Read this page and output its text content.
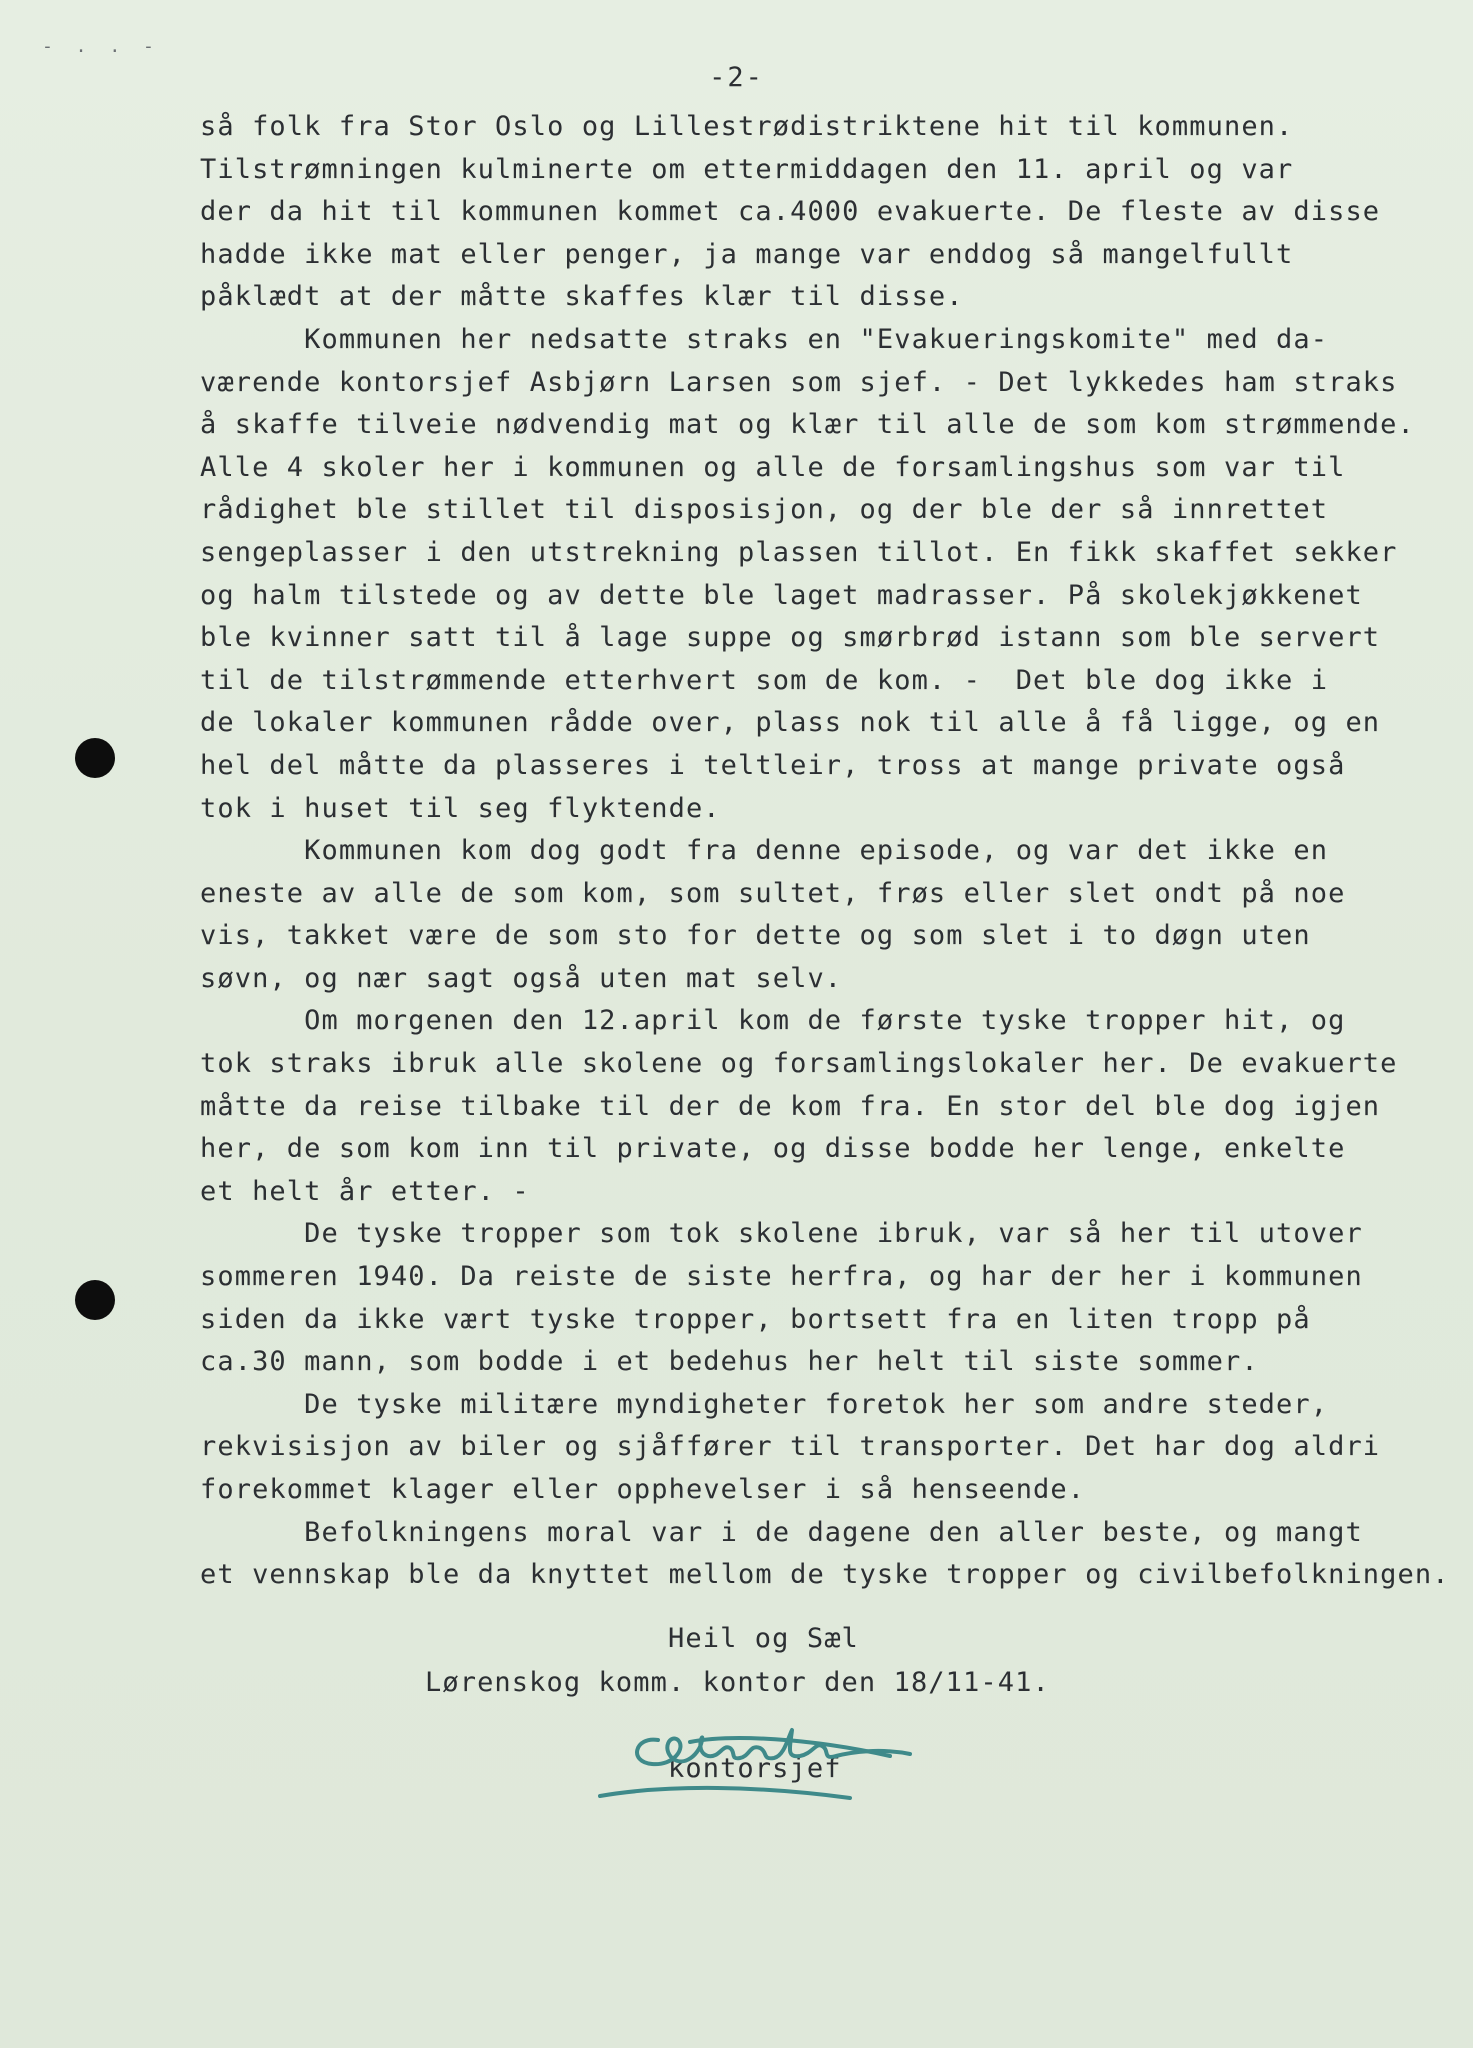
- . . -
-2-
så folk fra Stor Oslo og Lillestrødistriktene hit til kommunen.
Tilstrømningen kulminerte om ettermiddagen den 11. april og var
der da hit til kommunen kommet ca.4000 evakuerte. De fleste av disse
hadde ikke mat eller penger, ja mange var enddog så mangelfullt
påklædt at der måtte skaffes klær til disse.
Kommunen her nedsatte straks en "Evakueringskomite" med da-
værende kontorsjef Asbjørn Larsen som sjef. - Det lykkedes ham straks
å skaffe tilveie nødvendig mat og klær til alle de som kom strømmende.
Alle 4 skoler her i kommunen og alle de forsamlingshus som var til
rådighet ble stillet til disposisjon, og der ble der så innrettet
sengeplasser i den utstrekning plassen tillot. En fikk skaffet sekker
og halm tilstede og av dette ble laget madrasser. På skolekjøkkenet
ble kvinner satt til å lage suppe og smørbrød istann som ble servert
til de tilstrømmende etterhvert som de kom. -  Det ble dog ikke i
de lokaler kommunen rådde over, plass nok til alle å få ligge, og en
hel del måtte da plasseres i teltleir, tross at mange private også
tok i huset til seg flyktende.
Kommunen kom dog godt fra denne episode, og var det ikke en
eneste av alle de som kom, som sultet, frøs eller slet ondt på noe
vis, takket være de som sto for dette og som slet i to døgn uten
søvn, og nær sagt også uten mat selv.
Om morgenen den 12.april kom de første tyske tropper hit, og
tok straks ibruk alle skolene og forsamlingslokaler her. De evakuerte
måtte da reise tilbake til der de kom fra. En stor del ble dog igjen
her, de som kom inn til private, og disse bodde her lenge, enkelte
et helt år etter. -
De tyske tropper som tok skolene ibruk, var så her til utover
sommeren 1940. Da reiste de siste herfra, og har der her i kommunen
siden da ikke vært tyske tropper, bortsett fra en liten tropp på
ca.30 mann, som bodde i et bedehus her helt til siste sommer.
De tyske militære myndigheter foretok her som andre steder,
rekvisisjon av biler og sjåffører til transporter. Det har dog aldri
forekommet klager eller opphevelser i så henseende.
Befolkningens moral var i de dagene den aller beste, og mangt
et vennskap ble da knyttet mellom de tyske tropper og civilbefolkningen.
Heil og Sæl
Lørenskog komm. kontor den 18/11-41.
kontorsjef
